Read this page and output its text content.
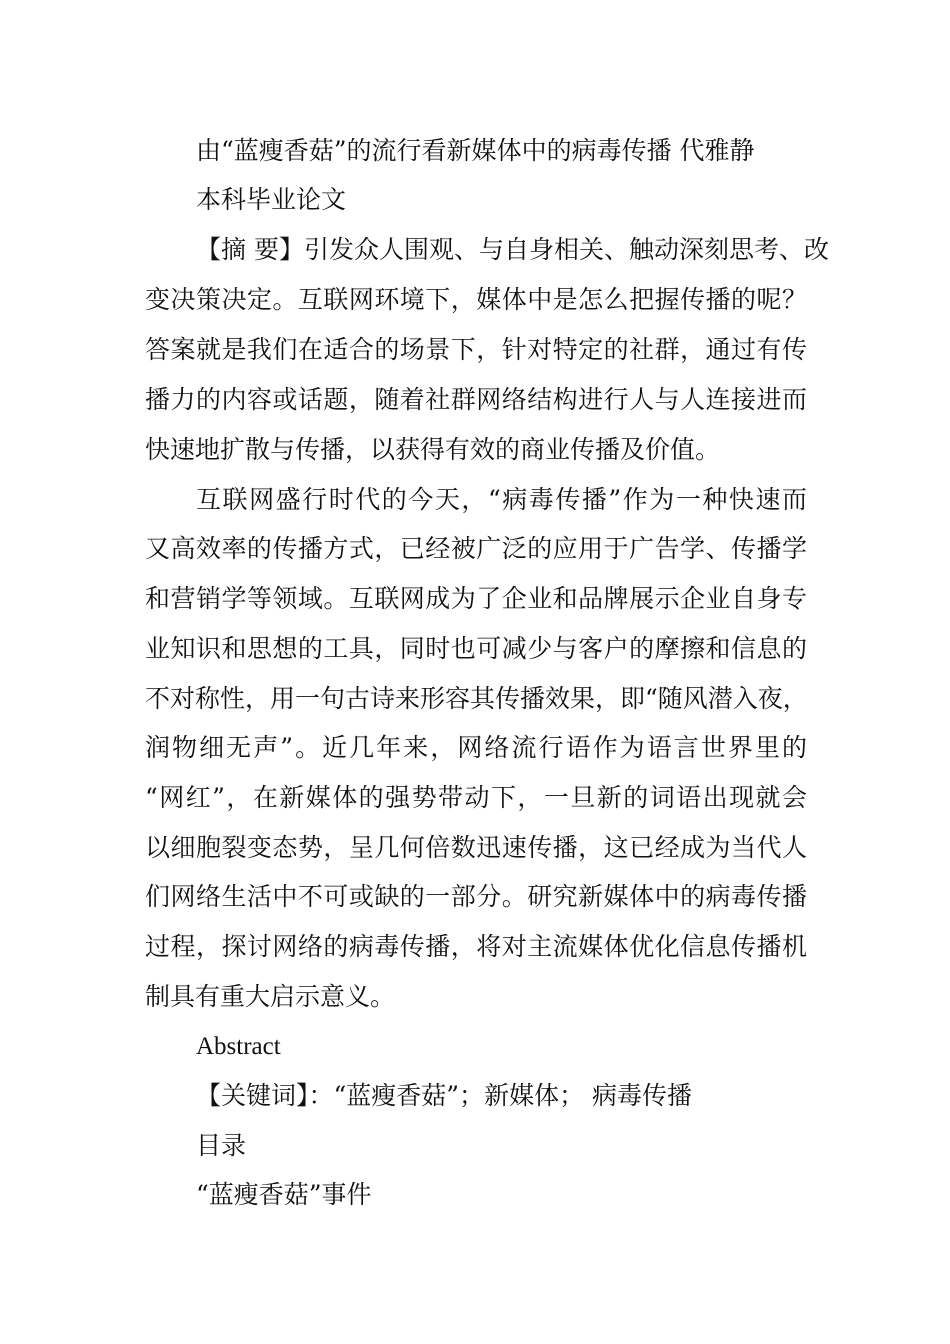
由“蓝瘦香菇”的流行看新媒体中的病毒传播 代雅静
本科毕业论文
【摘 要】引发众人围观、与自身相关、触动深刻思考、改
变决策决定。互联网环境下，媒体中是怎么把握传播的呢？
答案就是我们在适合的场景下，针对特定的社群，通过有传
播力的内容或话题，随着社群网络结构进行人与人连接进而
快速地扩散与传播，以获得有效的商业传播及价值。
互联网盛行时代的今天，“病毒传播”作为一种快速而
又高效率的传播方式，已经被广泛的应用于广告学、传播学
和营销学等领域。互联网成为了企业和品牌展示企业自身专
业知识和思想的工具，同时也可减少与客户的摩擦和信息的
不对称性，用一句古诗来形容其传播效果，即“随风潜入夜，
润物细无声”。近几年来，网络流行语作为语言世界里的
“网红”，在新媒体的强势带动下，一旦新的词语出现就会
以细胞裂变态势，呈几何倍数迅速传播，这已经成为当代人
们网络生活中不可或缺的一部分。研究新媒体中的病毒传播
过程，探讨网络的病毒传播，将对主流媒体优化信息传播机
制具有重大启示意义。
Abstract
【关键词】：“蓝瘦香菇”；新媒体； 病毒传播
目录
“蓝瘦香菇”事件
